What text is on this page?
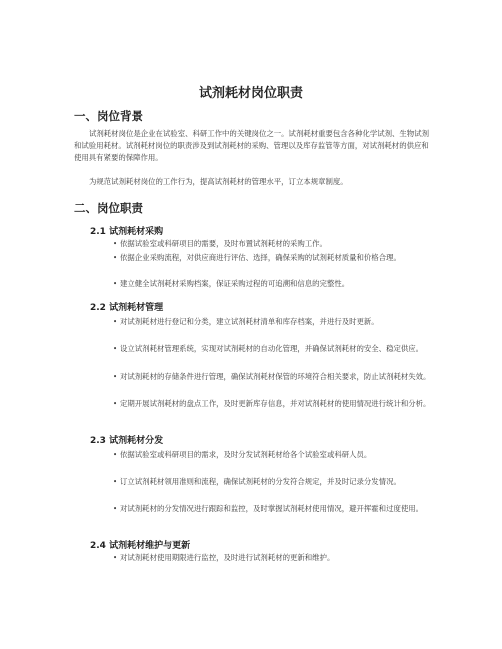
试剂耗材岗位职责
一、岗位背景

试剂耗材岗位是企业在试验室、科研工作中的关键岗位之一。试剂耗材重要包含各种化学试剂、生物试剂和试验用耗材。试剂耗材岗位的职责涉及到试剂耗材的采购、管理以及库存监管等方面，对试剂耗材的供应和使用具有紧要的保障作用。

为规范试剂耗材岗位的工作行为，提高试剂耗材的管理水平，订立本规章制度。

二、岗位职责
2.1 试剂耗材采购

• 依据试验室或科研项目的需要，及时布置试剂耗材的采购工作。

• 依据企业采购流程，对供应商进行评估、选择，确保采购的试剂耗材质量和价格合理。

• 建立健全试剂耗材采购档案，保证采购过程的可追溯和信息的完整性。

2.2 试剂耗材管理

• 对试剂耗材进行登记和分类，建立试剂耗材清单和库存档案，并进行及时更新。

• 设立试剂耗材管理系统，实现对试剂耗材的自动化管理，并确保试剂耗材的安全、稳定供应。

• 对试剂耗材的存储条件进行管理，确保试剂耗材保管的环境符合相关要求，防止试剂耗材失效。

• 定期开展试剂耗材的盘点工作，及时更新库存信息，并对试剂耗材的使用情况进行统计和分析。

2.3 试剂耗材分发

• 依据试验室或科研项目的需求，及时分发试剂耗材给各个试验室或科研人员。

• 订立试剂耗材领用准则和流程，确保试剂耗材的分发符合规定，并及时记录分发情况。

• 对试剂耗材的分发情况进行跟踪和监控，及时掌握试剂耗材使用情况，避开挥霍和过度使用。

2.4 试剂耗材维护与更新

• 对试剂耗材使用期限进行监控，及时进行试剂耗材的更新和维护。
